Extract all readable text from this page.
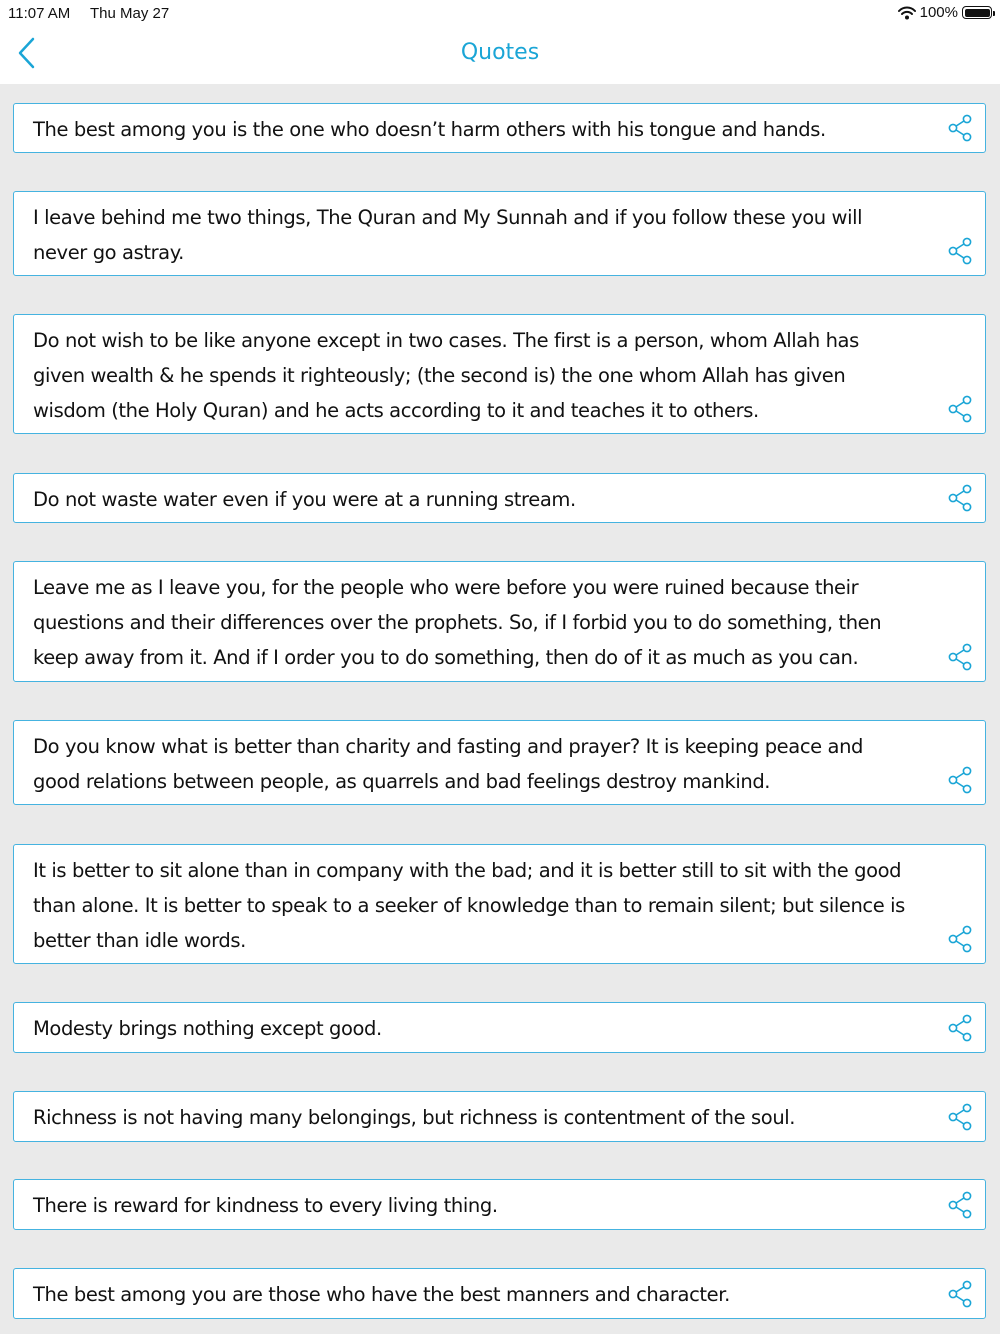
11:07 AM Thu May 27	100%
Quotes
The best among you is the one who doesn’t harm others with his tongue and hands.
I leave behind me two things, The Quran and My Sunnah and if you follow these you will never go astray.
Do not wish to be like anyone except in two cases. The first is a person, whom Allah has given wealth & he spends it righteously; (the second is) the one whom Allah has given wisdom (the Holy Quran) and he acts according to it and teaches it to others.
Do not waste water even if you were at a running stream.
Leave me as I leave you, for the people who were before you were ruined because their questions and their differences over the prophets. So, if I forbid you to do something, then keep away from it. And if I order you to do something, then do of it as much as you can.
Do you know what is better than charity and fasting and prayer? It is keeping peace and good relations between people, as quarrels and bad feelings destroy mankind.
It is better to sit alone than in company with the bad; and it is better still to sit with the good than alone. It is better to speak to a seeker of knowledge than to remain silent; but silence is better than idle words.
Modesty brings nothing except good.
Richness is not having many belongings, but richness is contentment of the soul.
There is reward for kindness to every living thing.
The best among you are those who have the best manners and character.
